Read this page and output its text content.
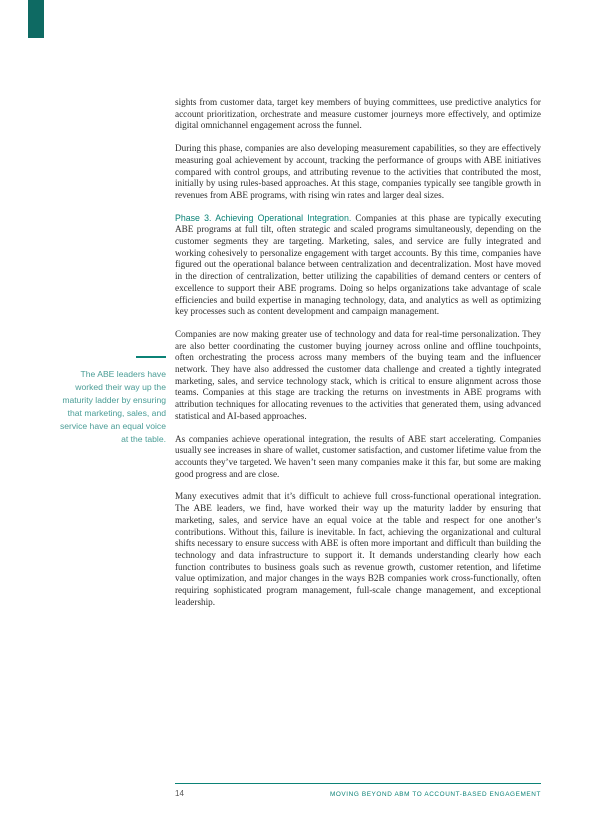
The ABE leaders have worked their way up the maturity ladder by ensuring that marketing, sales, and service have an equal voice at the table.

sights from customer data, target key members of buying committees, use predictive analytics for account prioritization, orchestrate and measure customer journeys more effectively, and optimize digital omnichannel engagement across the funnel.

During this phase, companies are also developing measurement capabilities, so they are effectively measuring goal achievement by account, tracking the performance of groups with ABE initiatives compared with control groups, and attributing revenue to the activities that contributed the most, initially by using rules-based approaches. At this stage, companies typically see tangible growth in revenues from ABE programs, with rising win rates and larger deal sizes.

Phase 3. Achieving Operational Integration. Companies at this phase are typically executing ABE programs at full tilt, often strategic and scaled programs simultaneously, depending on the customer segments they are targeting. Marketing, sales, and service are fully integrated and working cohesively to personalize engagement with target accounts. By this time, companies have figured out the operational balance between centralization and decentralization. Most have moved in the direction of centralization, better utilizing the capabilities of demand centers or centers of excellence to support their ABE programs. Doing so helps organizations take advantage of scale efficiencies and build expertise in managing technology, data, and analytics as well as optimizing key processes such as content development and campaign management.

Companies are now making greater use of technology and data for real-time personalization. They are also better coordinating the customer buying journey across online and offline touchpoints, often orchestrating the process across many members of the buying team and the influencer network. They have also addressed the customer data challenge and created a tightly integrated marketing, sales, and service technology stack, which is critical to ensure alignment across those teams. Companies at this stage are tracking the returns on investments in ABE programs with attribution techniques for allocating revenues to the activities that generated them, using advanced statistical and AI-based approaches.

As companies achieve operational integration, the results of ABE start accelerating. Companies usually see increases in share of wallet, customer satisfaction, and customer lifetime value from the accounts they’ve targeted. We haven’t seen many companies make it this far, but some are making good progress and are close.

Many executives admit that it’s difficult to achieve full cross-functional operational integration. The ABE leaders, we find, have worked their way up the maturity ladder by ensuring that marketing, sales, and service have an equal voice at the table and respect for one another’s contributions. Without this, failure is inevitable. In fact, achieving the organizational and cultural shifts necessary to ensure success with ABE is often more important and difficult than building the technology and data infrastructure to support it. It demands understanding clearly how each function contributes to business goals such as revenue growth, customer retention, and lifetime value optimization, and major changes in the ways B2B companies work cross-functionally, often requiring sophisticated program management, full-scale change management, and exceptional leadership.

14	MOVING BEYOND ABM TO ACCOUNT-BASED ENGAGEMENT
